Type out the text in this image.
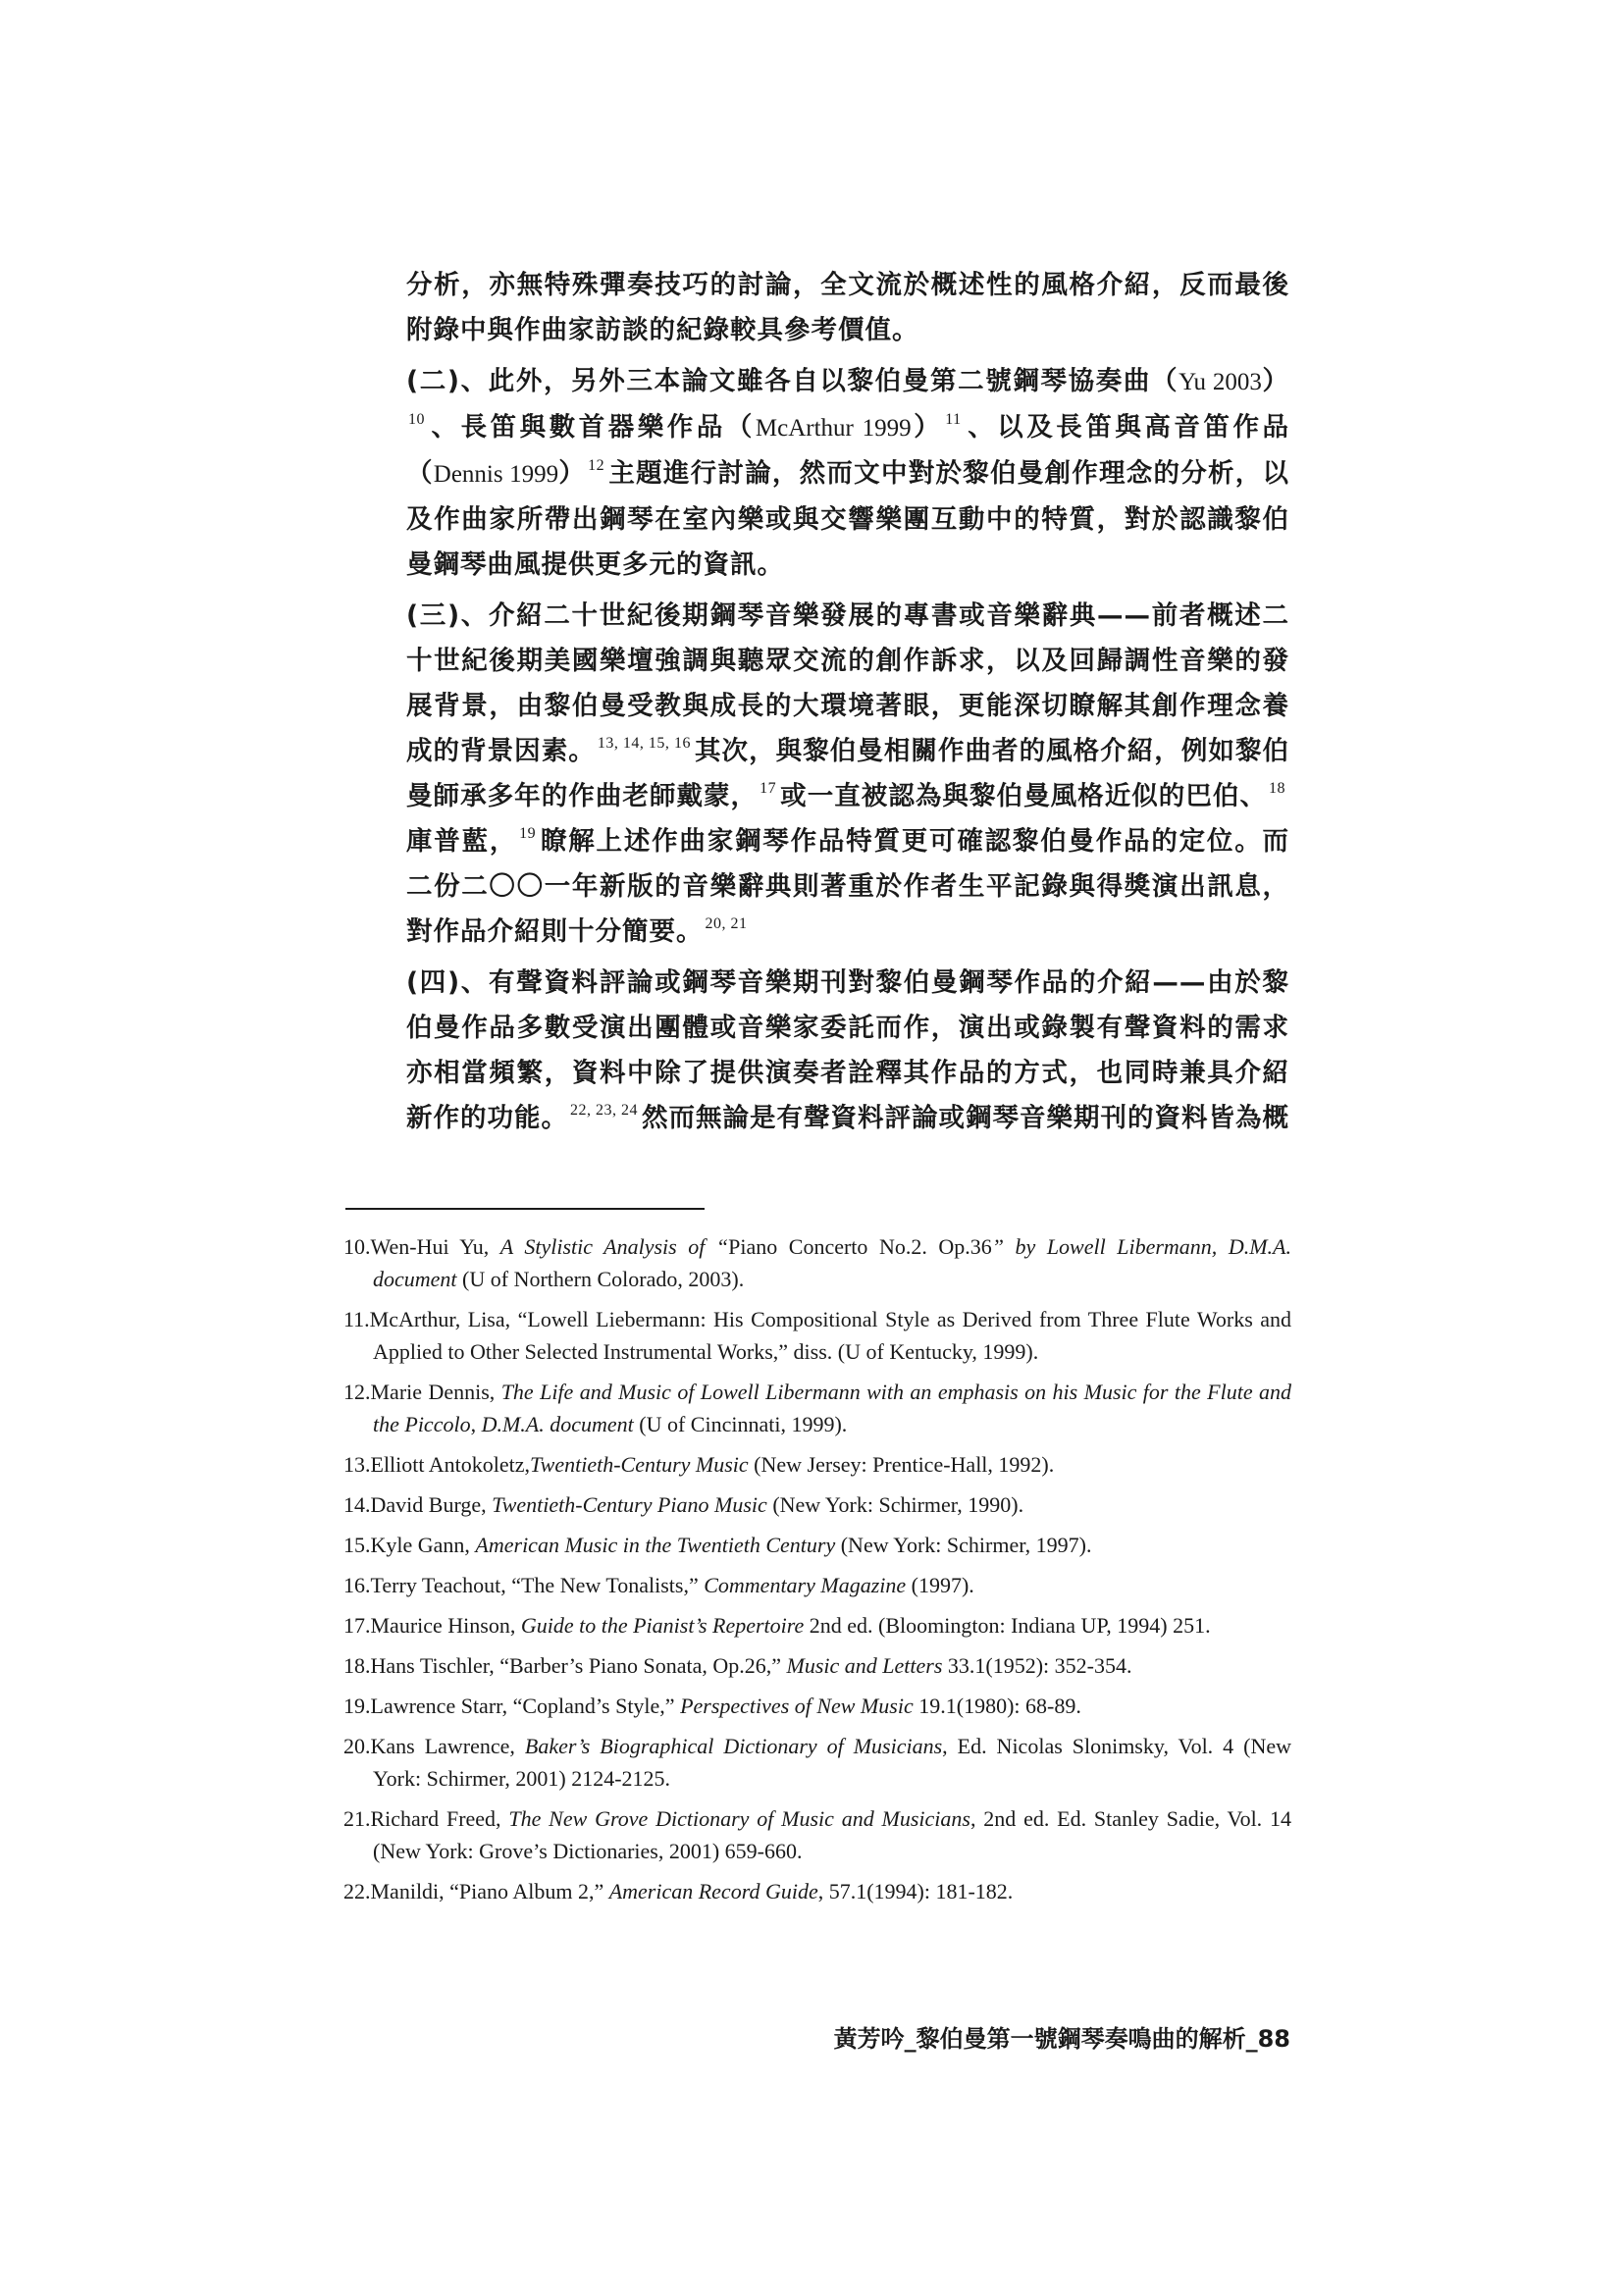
分析，亦無特殊彈奏技巧的討論，全文流於概述性的風格介紹，反而最後附錄中與作曲家訪談的紀錄較具參考價值。

(二)、此外，另外三本論文雖各自以黎伯曼第二號鋼琴協奏曲（Yu 2003）$^{10}$ 、長笛與數首器樂作品（McArthur 1999） $^{11}$ 、以及長笛與高音笛作品（Dennis 1999） $^{12}$ 主題進行討論，然而文中對於黎伯曼創作理念的分析，以及作曲家所帶出鋼琴在室內樂或與交響樂團互動中的特質，對於認識黎伯曼鋼琴曲風提供更多元的資訊。

(三)、介紹二十世紀後期鋼琴音樂發展的專書或音樂辭典——前者概述二十世紀後期美國樂壇強調與聽眾交流的創作訴求，以及回歸調性音樂的發展背景，由黎伯曼受教與成長的大環境著眼，更能深切瞭解其創作理念養成的背景因素。 $^{13, 14, 15, 16}$ 其次，與黎伯曼相關作曲者的風格介紹，例如黎伯曼師承多年的作曲老師戴蒙， $^{17}$ 或一直被認為與黎伯曼風格近似的巴伯、 $^{18}$庫普藍， $^{19}$ 瞭解上述作曲家鋼琴作品特質更可確認黎伯曼作品的定位。而二份二〇〇一年新版的音樂辭典則著重於作者生平記錄與得獎演出訊息，對作品介紹則十分簡要。 $^{20, 21}$

(四)、有聲資料評論或鋼琴音樂期刊對黎伯曼鋼琴作品的介紹——由於黎伯曼作品多數受演出團體或音樂家委託而作，演出或錄製有聲資料的需求亦相當頻繁，資料中除了提供演奏者詮釋其作品的方式，也同時兼具介紹新作的功能。 $^{22, 23, 24}$ 然而無論是有聲資料評論或鋼琴音樂期刊的資料皆為概

10.Wen-Hui Yu, A Stylistic Analysis of “Piano Concerto No.2. Op.36” by Lowell Libermann, D.M.A. document (U of Northern Colorado, 2003).

11.McArthur, Lisa, “Lowell Liebermann: His Compositional Style as Derived from Three Flute Works and Applied to Other Selected Instrumental Works,” diss. (U of Kentucky, 1999).

12.Marie Dennis, The Life and Music of Lowell Libermann with an emphasis on his Music for the Flute and the Piccolo, D.M.A. document (U of Cincinnati, 1999).

13.Elliott Antokoletz,Twentieth-Century Music (New Jersey: Prentice-Hall, 1992).

14.David Burge, Twentieth-Century Piano Music (New York: Schirmer, 1990).

15.Kyle Gann, American Music in the Twentieth Century (New York: Schirmer, 1997).

16.Terry Teachout, “The New Tonalists,” Commentary Magazine (1997).

17.Maurice Hinson, Guide to the Pianist’s Repertoire 2nd ed. (Bloomington: Indiana UP, 1994) 251.

18.Hans Tischler, “Barber’s Piano Sonata, Op.26,” Music and Letters 33.1(1952): 352-354.

19.Lawrence Starr, “Copland’s Style,” Perspectives of New Music 19.1(1980): 68-89.

20.Kans Lawrence, Baker’s Biographical Dictionary of Musicians, Ed. Nicolas Slonimsky, Vol. 4 (New York: Schirmer, 2001) 2124-2125.

21.Richard Freed, The New Grove Dictionary of Music and Musicians, 2nd ed. Ed. Stanley Sadie, Vol. 14 (New York: Grove’s Dictionaries, 2001) 659-660.

22.Manildi, “Piano Album 2,” American Record Guide, 57.1(1994): 181-182.

黃芳吟_黎伯曼第一號鋼琴奏鳴曲的解析_88
